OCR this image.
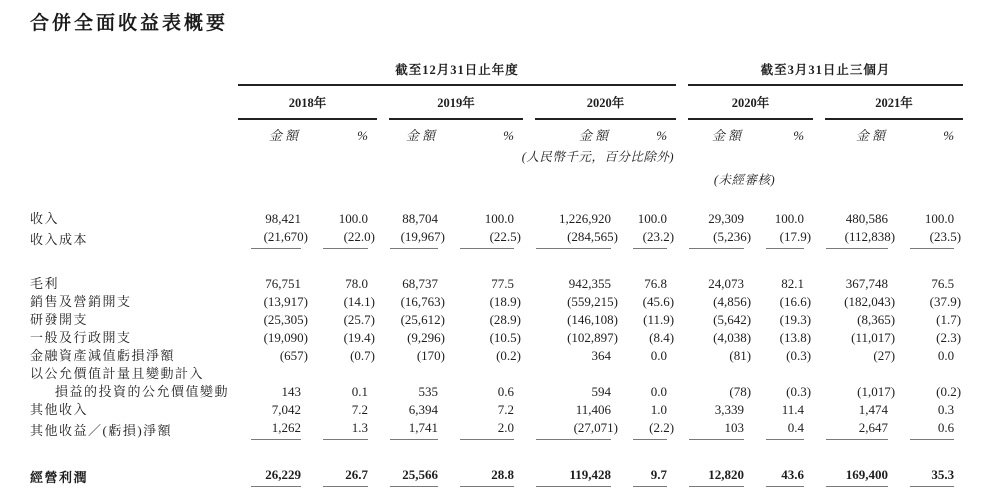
合併全面收益表概要

	截至12月31日止年度						截至3月31日止三個月			

	2018年		2019年		2020年		2020年		2021年	

	金額	%	金額	%	金額	%	金額	%	金額	%
	(人民幣千元，百分比除外)									
							(未經審核)			

收入	98,421	100.0	88,704	100.0	1,226,920	100.0	29,309	100.0	480,586	100.0
收入成本	(21,670)	(22.0)	(19,967)	(22.5)	(284,565)	(23.2)	(5,236)	(17.9)	(112,838)	(23.5)

毛利	76,751	78.0	68,737	77.5	942,355	76.8	24,073	82.1	367,748	76.5
銷售及營銷開支	(13,917)	(14.1)	(16,763)	(18.9)	(559,215)	(45.6)	(4,856)	(16.6)	(182,043)	(37.9)
研發開支	(25,305)	(25.7)	(25,612)	(28.9)	(146,108)	(11.9)	(5,642)	(19.3)	(8,365)	(1.7)
一般及行政開支	(19,090)	(19.4)	(9,296)	(10.5)	(102,897)	(8.4)	(4,038)	(13.8)	(11,017)	(2.3)
金融資產減值虧損淨額	(657)	(0.7)	(170)	(0.2)	364	0.0	(81)	(0.3)	(27)	0.0
以公允價值計量且變動計入										
損益的投資的公允價值變動	143	0.1	535	0.6	594	0.0	(78)	(0.3)	(1,017)	(0.2)
其他收入	7,042	7.2	6,394	7.2	11,406	1.0	3,339	11.4	1,474	0.3
其他收益／(虧損)淨額	1,262	1.3	1,741	2.0	(27,071)	(2.2)	103	0.4	2,647	0.6

經營利潤	26,229	26.7	25,566	28.8	119,428	9.7	12,820	43.6	169,400	35.3
